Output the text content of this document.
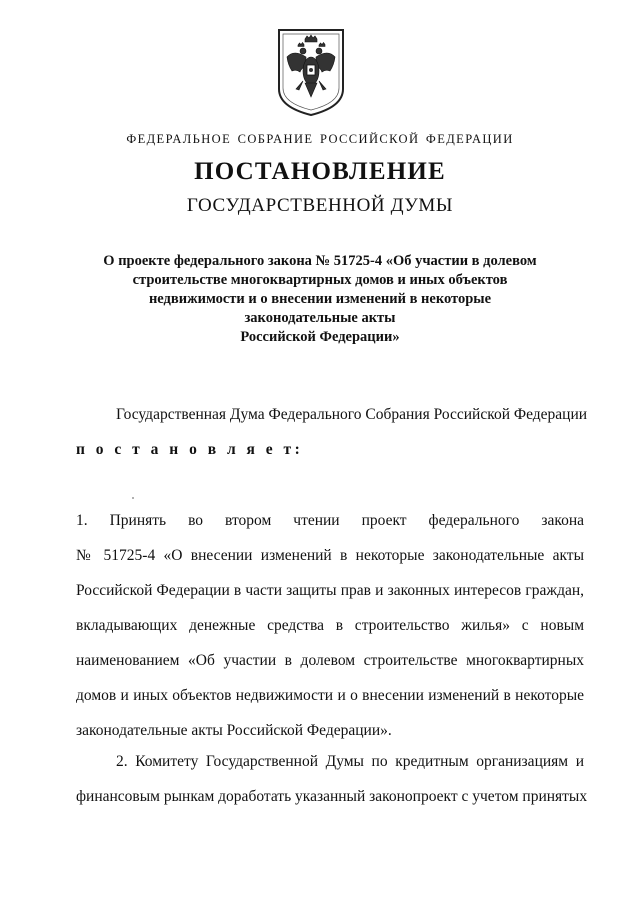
ФЕДЕРАЛЬНОЕ СОБРАНИЕ РОССИЙСКОЙ ФЕДЕРАЦИИ
ПОСТАНОВЛЕНИЕ
ГОСУДАРСТВЕННОЙ ДУМЫ
О проекте федерального закона № 51725-4 «Об участии в долевом
строительстве многоквартирных домов и иных объектов
недвижимости и о внесении изменений в некоторые
законодательные акты
Российской Федерации»
Государственная Дума Федерального Собрания Российской Федерации
п о с т а н о в л я е т:
1. Принять во втором чтении проект федерального закона
№ 51725-4 «О внесении изменений в некоторые законодательные акты
Российской Федерации в части защиты прав и законных интересов граждан,
вкладывающих денежные средства в строительство жилья» с новым
наименованием «Об участии в долевом строительстве многоквартирных
домов и иных объектов недвижимости и о внесении изменений в некоторые
законодательные акты Российской Федерации».
2. Комитету Государственной Думы по кредитным организациям и
финансовым рынкам доработать указанный законопроект с учетом принятых
